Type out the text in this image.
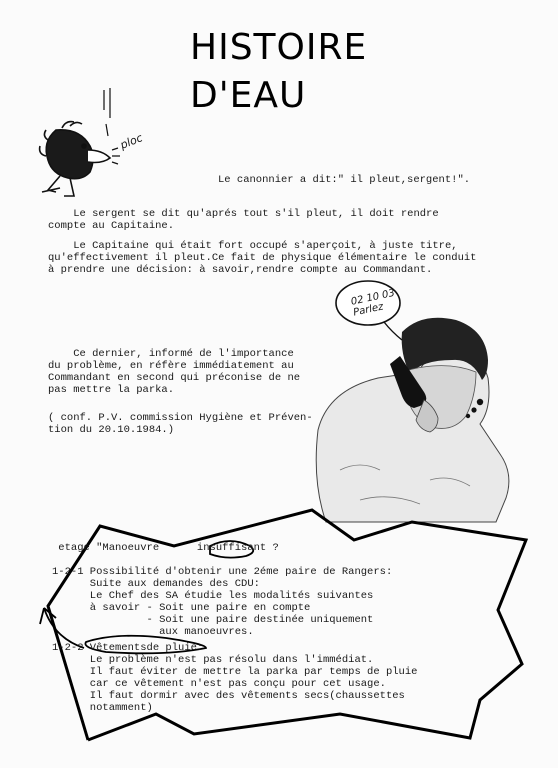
ploc
02 10 03
Parlez
HISTOIRE
D'EAU
Le canonnier a dit:" il pleut,sergent!".
Le sergent se dit qu'aprés tout s'il pleut, il doit rendre
compte au Capitaine.
Le Capitaine qui était fort occupé s'aperçoit, à juste titre,
qu'effectivement il pleut.Ce fait de physique élémentaire le conduit
à prendre une décision: à savoir,rendre compte au Commandant.
Ce dernier, informé de l'importance
du problème, en réfère immédiatement au
Commandant en second qui préconise de ne
pas mettre la parka.
( conf. P.V. commission Hygiène et Préven-
tion du 20.10.1984.)
etage "Manoeuvre      insuffisant ?
1-2-1 Possibilité d'obtenir une 2éme paire de Rangers:
Suite aux demandes des CDU:
Le Chef des SA étudie les modalités suivantes
à savoir - Soit une paire en compte
- Soit une paire destinée uniquement
aux manoeuvres.
1-2-2 Vêtementsde pluie:
Le problème n'est pas résolu dans l'immédiat.
Il faut éviter de mettre la parka par temps de pluie
car ce vêtement n'est pas conçu pour cet usage.
Il faut dormir avec des vêtements secs(chaussettes
notamment)
